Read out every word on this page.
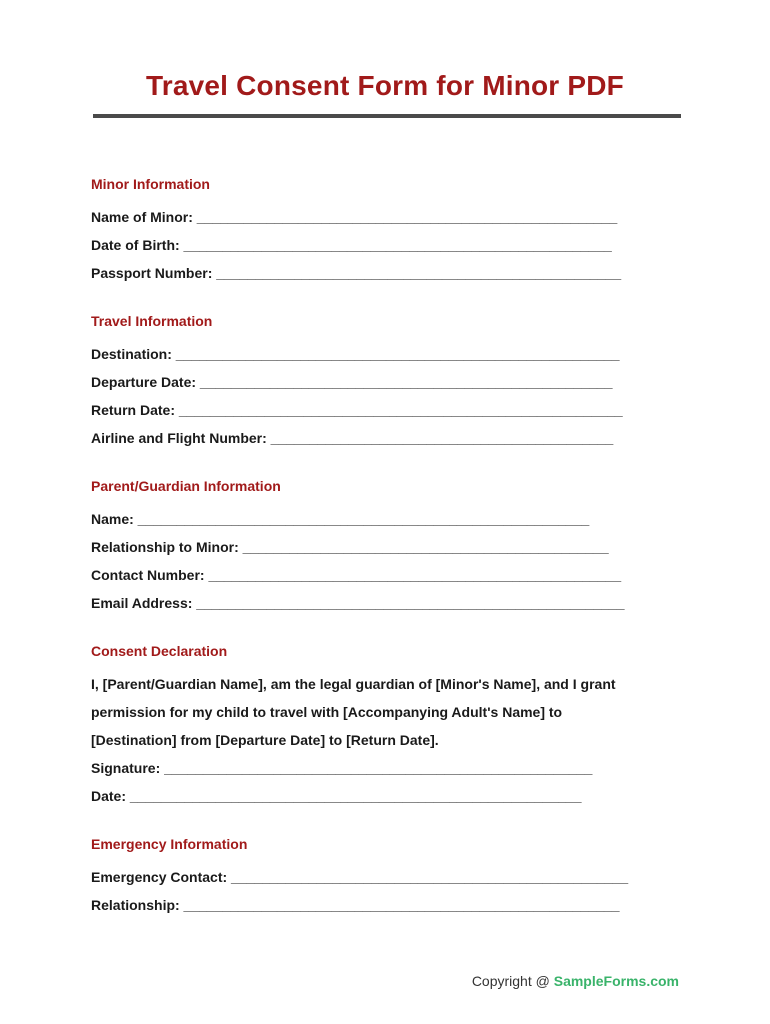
Travel Consent Form for Minor PDF
Minor Information
Name of Minor: ______________________________________________________
Date of Birth: _______________________________________________________
Passport Number: ____________________________________________________
Travel Information
Destination: _________________________________________________________
Departure Date: _____________________________________________________
Return Date: _________________________________________________________
Airline and Flight Number: ____________________________________________
Parent/Guardian Information
Name: __________________________________________________________
Relationship to Minor: _______________________________________________
Contact Number: _____________________________________________________
Email Address: _______________________________________________________
Consent Declaration
I, [Parent/Guardian Name], am the legal guardian of [Minor's Name], and I grant
permission for my child to travel with [Accompanying Adult's Name] to
[Destination] from [Departure Date] to [Return Date].
Signature: _______________________________________________________
Date: __________________________________________________________
Emergency Information
Emergency Contact: ___________________________________________________
Relationship: ________________________________________________________
Copyright @ SampleForms.com
